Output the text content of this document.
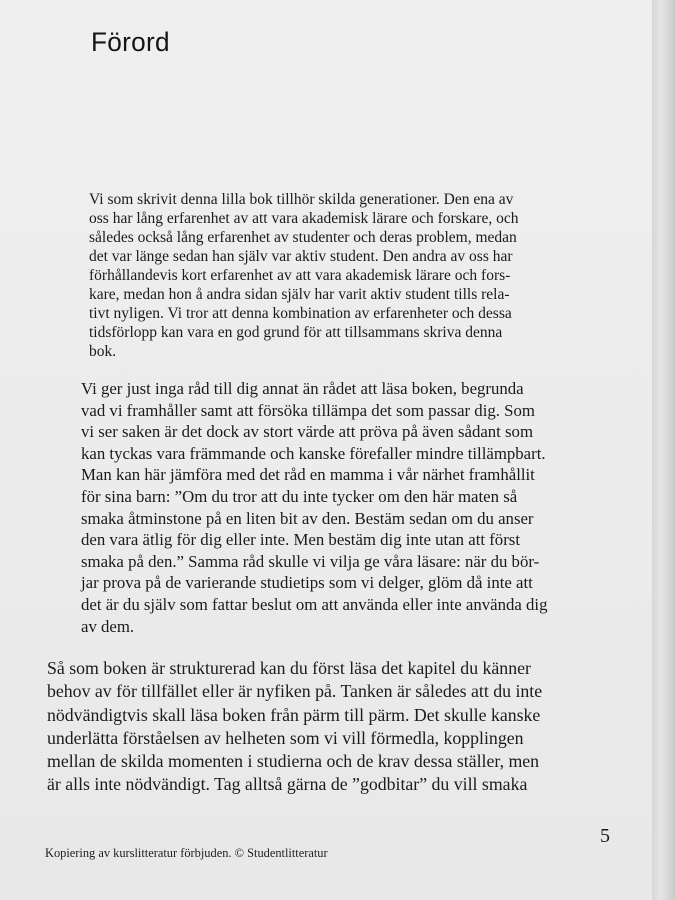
Förord
Vi som skrivit denna lilla bok tillhör skilda generationer. Den ena av
oss har lång erfarenhet av att vara akademisk lärare och forskare, och
således också lång erfarenhet av studenter och deras problem, medan
det var länge sedan han själv var aktiv student. Den andra av oss har
förhållandevis kort erfarenhet av att vara akademisk lärare och fors-
kare, medan hon å andra sidan själv har varit aktiv student tills rela-
tivt nyligen. Vi tror att denna kombination av erfarenheter och dessa
tidsförlopp kan vara en god grund för att tillsammans skriva denna
bok.
Vi ger just inga råd till dig annat än rådet att läsa boken, begrunda
vad vi framhåller samt att försöka tillämpa det som passar dig. Som
vi ser saken är det dock av stort värde att pröva på även sådant som
kan tyckas vara främmande och kanske förefaller mindre tillämpbart.
Man kan här jämföra med det råd en mamma i vår närhet framhållit
för sina barn: ”Om du tror att du inte tycker om den här maten så
smaka åtminstone på en liten bit av den. Bestäm sedan om du anser
den vara ätlig för dig eller inte. Men bestäm dig inte utan att först
smaka på den.” Samma råd skulle vi vilja ge våra läsare: när du bör-
jar prova på de varierande studietips som vi delger, glöm då inte att
det är du själv som fattar beslut om att använda eller inte använda dig
av dem.
Så som boken är strukturerad kan du först läsa det kapitel du känner
behov av för tillfället eller är nyfiken på. Tanken är således att du inte
nödvändigtvis skall läsa boken från pärm till pärm. Det skulle kanske
underlätta förståelsen av helheten som vi vill förmedla, kopplingen
mellan de skilda momenten i studierna och de krav dessa ställer, men
är alls inte nödvändigt. Tag alltså gärna de ”godbitar” du vill smaka
Kopiering av kurslitteratur förbjuden. © Studentlitteratur
5
